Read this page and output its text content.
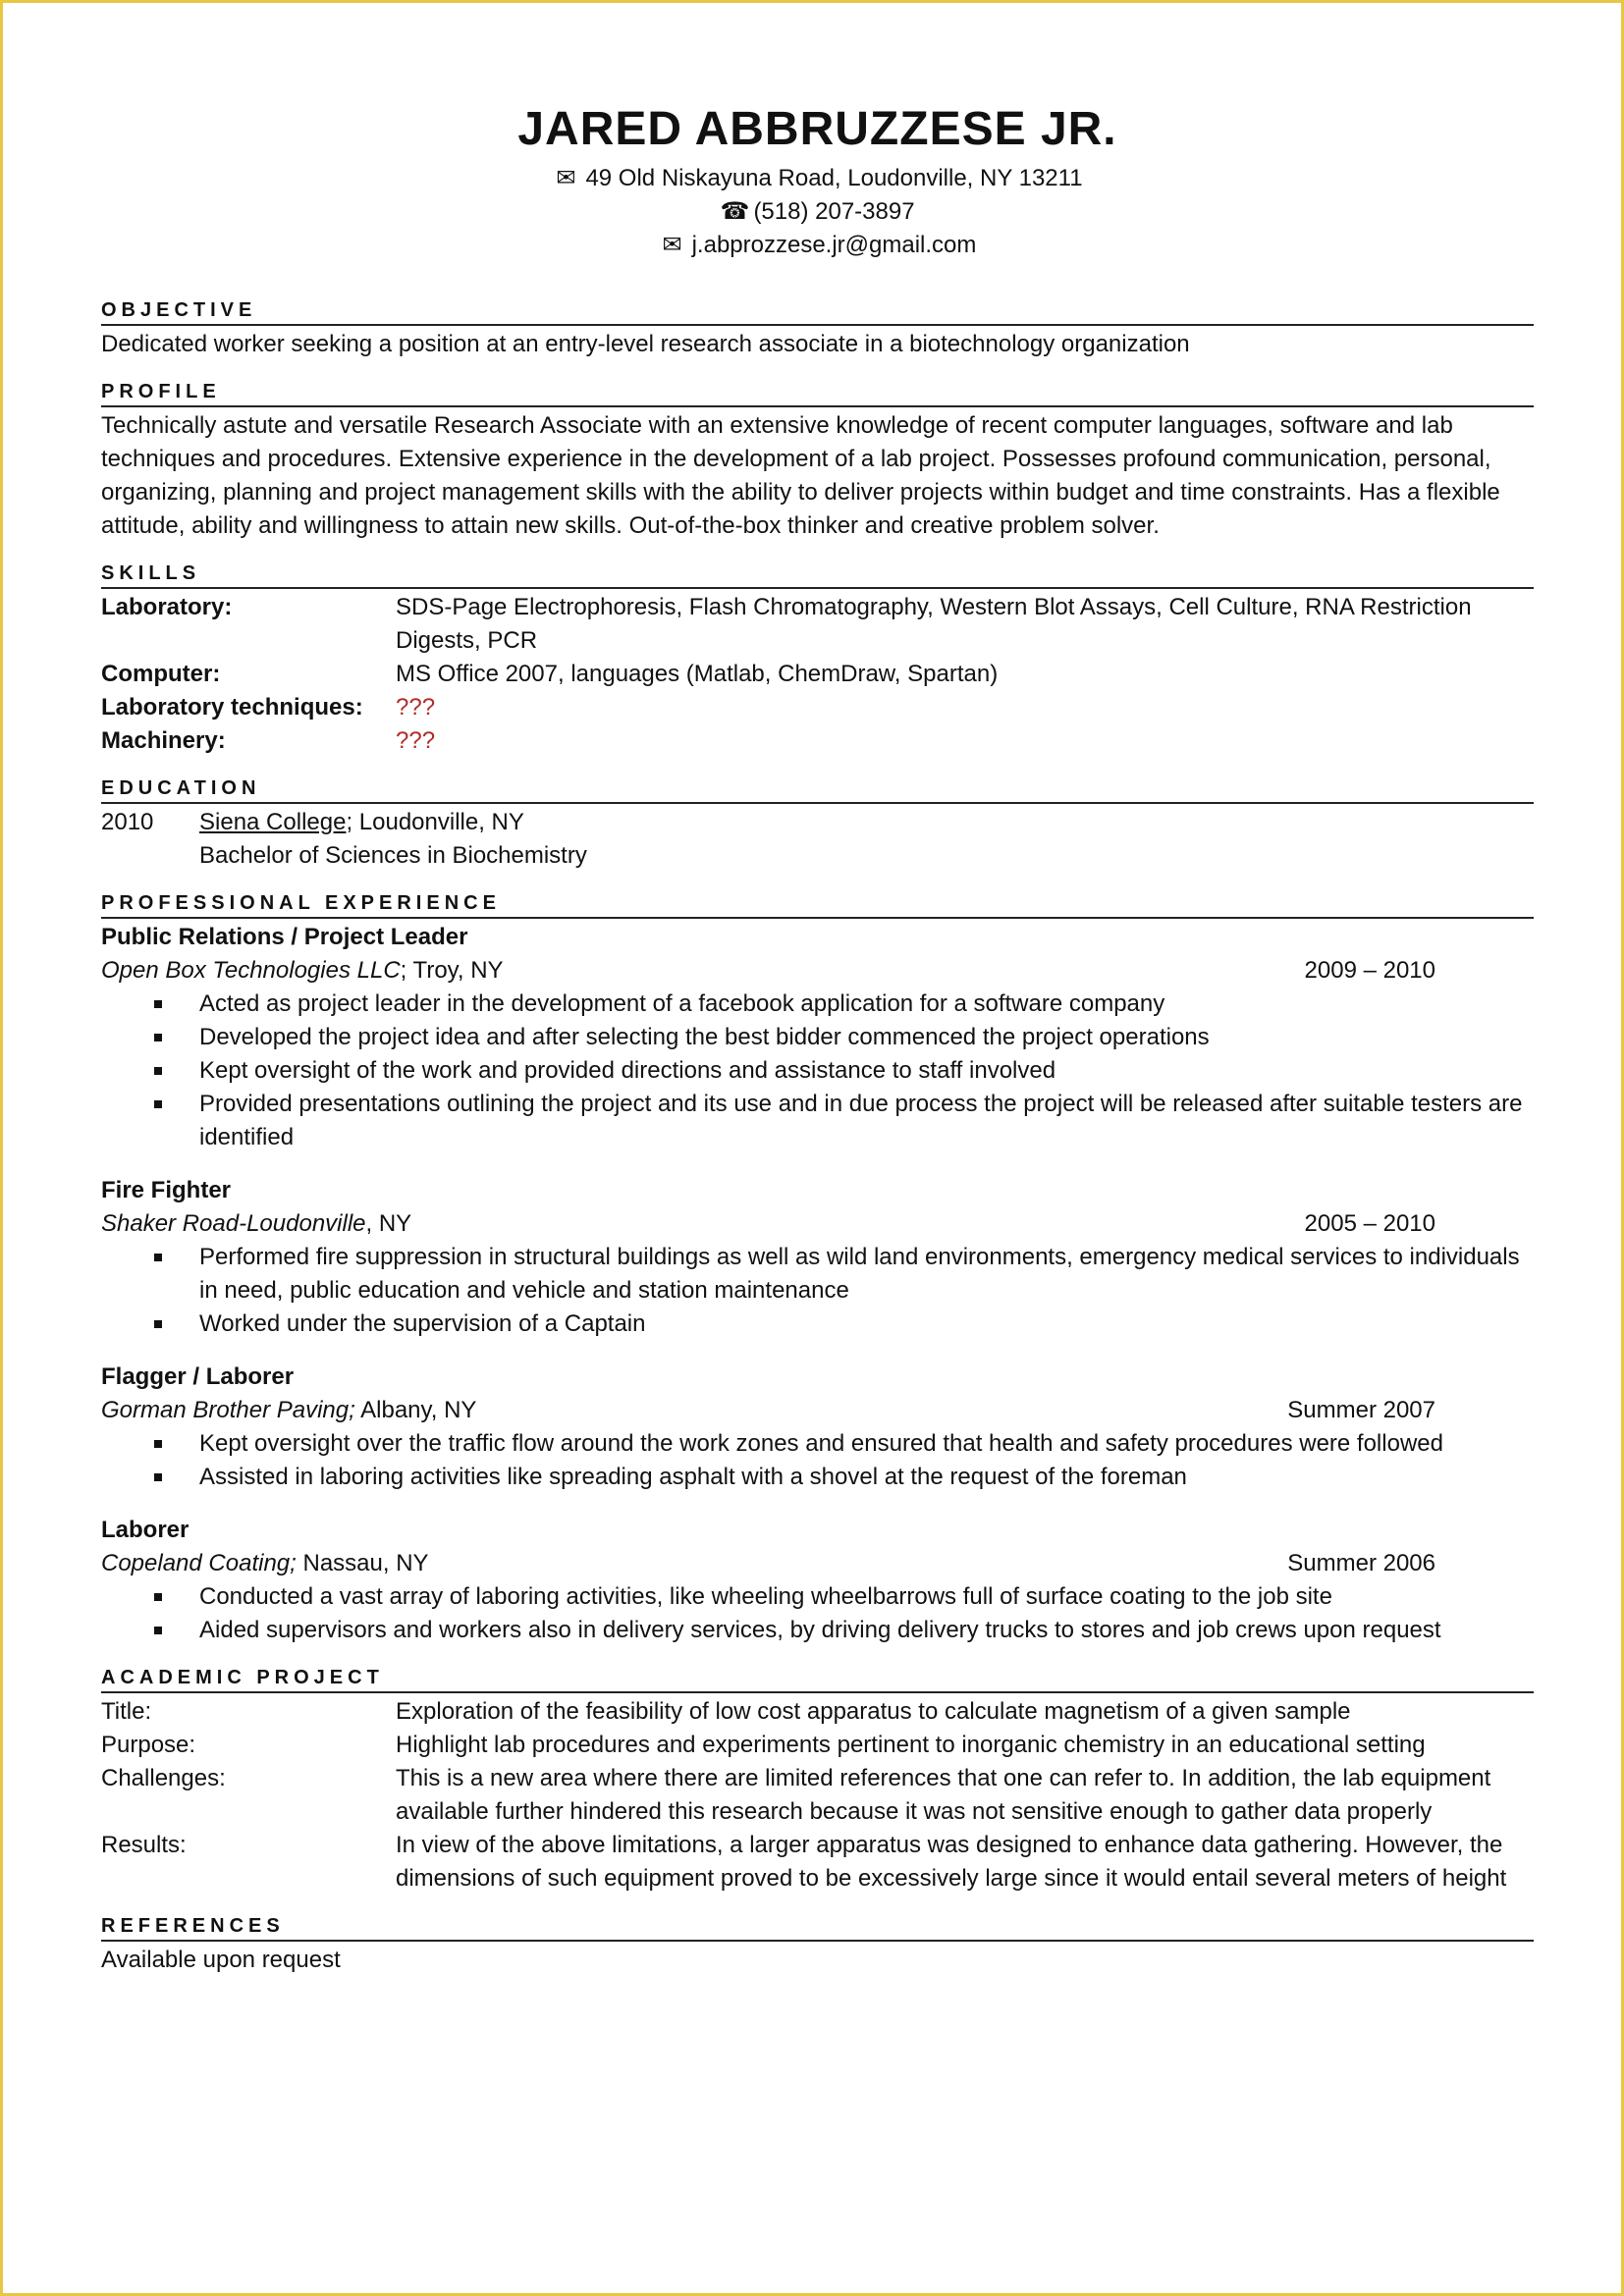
JARED ABBRUZZESE JR.
✉ 49 Old Niskayuna Road, Loudonville, NY 13211
☎ (518) 207-3897
✉ j.abprozzese.jr@gmail.com
OBJECTIVE
Dedicated worker seeking a position at an entry-level research associate in a biotechnology organization
PROFILE
Technically astute and versatile Research Associate with an extensive knowledge of recent computer languages, software and lab techniques and procedures. Extensive experience in the development of a lab project. Possesses profound communication, personal, organizing, planning and project management skills with the ability to deliver projects within budget and time constraints. Has a flexible attitude, ability and willingness to attain new skills. Out-of-the-box thinker and creative problem solver.
SKILLS
Laboratory:	SDS-Page Electrophoresis, Flash Chromatography, Western Blot Assays, Cell Culture, RNA Restriction Digests, PCR
Computer:	MS Office 2007, languages (Matlab, ChemDraw, Spartan)
Laboratory techniques:	???
Machinery:	???
EDUCATION
2010	Siena College; Loudonville, NY
Bachelor of Sciences in Biochemistry
PROFESSIONAL EXPERIENCE
Public Relations / Project Leader
Open Box Technologies LLC; Troy, NY	2009 – 2010
Acted as project leader in the development of a facebook application for a software company
Developed the project idea and after selecting the best bidder commenced the project operations
Kept oversight of the work and provided directions and assistance to staff involved
Provided presentations outlining the project and its use and in due process the project will be released after suitable testers are identified
Fire Fighter
Shaker Road-Loudonville, NY	2005 – 2010
Performed fire suppression in structural buildings as well as wild land environments, emergency medical services to individuals in need, public education and vehicle and station maintenance
Worked under the supervision of a Captain
Flagger / Laborer
Gorman Brother Paving; Albany, NY	Summer 2007
Kept oversight over the traffic flow around the work zones and ensured that health and safety procedures were followed
Assisted in laboring activities like spreading asphalt with a shovel at the request of the foreman
Laborer
Copeland Coating; Nassau, NY	Summer 2006
Conducted a vast array of laboring activities, like wheeling wheelbarrows full of surface coating to the job site
Aided supervisors and workers also in delivery services, by driving delivery trucks to stores and job crews upon request
ACADEMIC PROJECT
Title:	Exploration of the feasibility of low cost apparatus to calculate magnetism of a given sample
Purpose:	Highlight lab procedures and experiments pertinent to inorganic chemistry in an educational setting
Challenges:	This is a new area where there are limited references that one can refer to. In addition, the lab equipment available further hindered this research because it was not sensitive enough to gather data properly
Results:	In view of the above limitations, a larger apparatus was designed to enhance data gathering. However, the dimensions of such equipment proved to be excessively large since it would entail several meters of height
REFERENCES
Available upon request
